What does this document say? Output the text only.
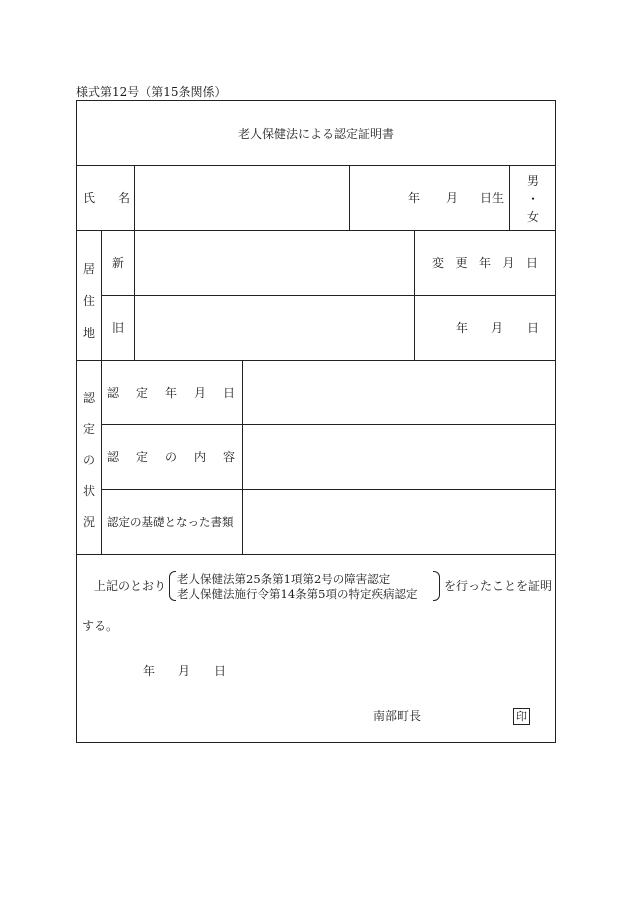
様式第12号（第15条関係）
老人保健法による認定証明書
氏 名	年 月 日生
男
・
女
居
住
地
新
旧
変 更 年 月 日
年 月 日
認
定
の
状
況
認 定 年 月 日
認 定 の 内 容
認定の基礎となった書類
上記のとおり 老人保健法第25条第1項第2号の障害認定
老人保健法施行令第14条第5項の特定疾病認定
を行ったことを証明
する。
年 月 日
南部町長	印
